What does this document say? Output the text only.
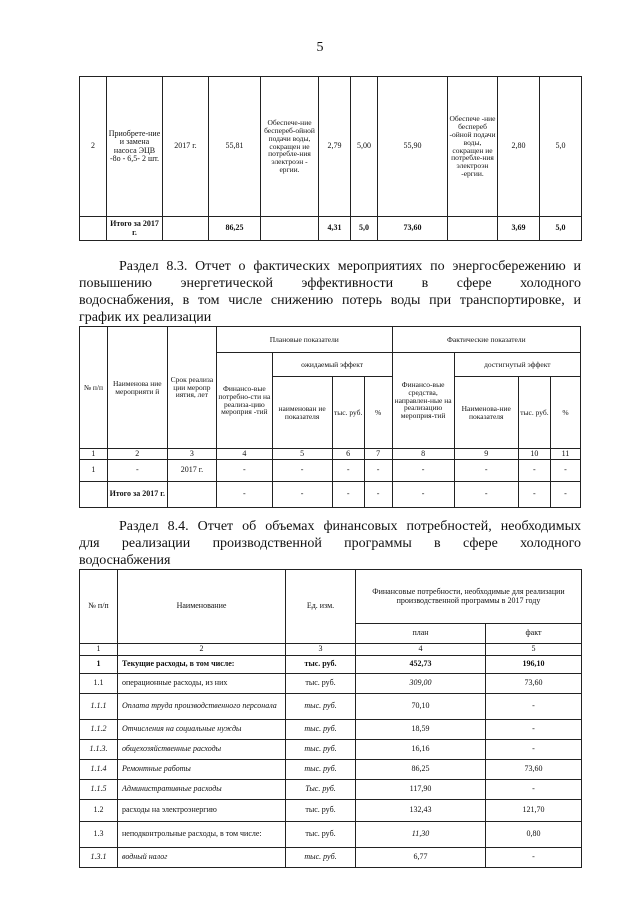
5
2	Приобрете-ние и замена насоса ЭЦВ -8о - 6,5- 2 шт.	2017 г.	55,81	Обеспече-ние бесперeб-ойной подачи воды, сокращен ие потребле-ния электроэн - ергии.	2,79	5,00	55,90	Обеспече -ние беспереб -ойной подачи воды, сокращен ие потребле-ния электроэн -ергии.	2,80	5,0
	Итого за 2017 г.		86,25		4,31	5,0	73,60		3,69	5,0
Раздел 8.3. Отчет о фактических мероприятиях по энергосбережению и
повышению энергетической эффективности в сфере холодного
водоснабжения, в том числе снижению потерь воды при транспортировке, и
график их реализации
№ п/п	Наименова ние мероприяти й	Срок реализа ции меропр иятия, лет	Плановые показатели				Фактические показатели			
			Финансо-вые потребно-сти на реализа-цию мероприя -тий	ожидаемый эффект			Финансо-вые средства, направлен-ные на реализацию мероприя-тий	достигнутый эффект		
				наименован ие показателя	тыс. руб.	%		Наименова-ние показателя	тыс. руб.	%
1	2	3	4	5	6	7	8	9	10	11
1	-	2017 г.	-	-	-	-	-	-	-	-
	Итого за 2017 г.		-	-	-	-	-	-	-	-
Раздел 8.4. Отчет об объемах финансовых потребностей, необходимых
для реализации производственной программы в сфере холодного
водоснабжения
№ п/п	Наименование	Ед. изм.	Финансовые потребности, необходимые для реализации производственной программы в 2017 году	
			план	факт
1	2	3	4	5
1	Текущие расходы, в том числе:	тыс. руб.	452,73	196,10
1.1	операционные расходы, из них	тыс. руб.	309,00	73,60
1.1.1	Оплата труда производственного персонала	тыс. руб.	70,10	-
1.1.2	Отчисления на социальные нужды	тыс. руб.	18,59	-
1.1.3.	общехозяйственные расходы	тыс. руб.	16,16	-
1.1.4	Ремонтные работы	тыс. руб.	86,25	73,60
1.1.5	Административные расходы	Тыс. руб.	117,90	-
1.2	расходы на электроэнергию	тыс. руб.	132,43	121,70
1.3	неподконтрольные расходы, в том числе:	тыс. руб.	11,30	0,80
1.3.1	водный налог	тыс. руб.	6,77	-
